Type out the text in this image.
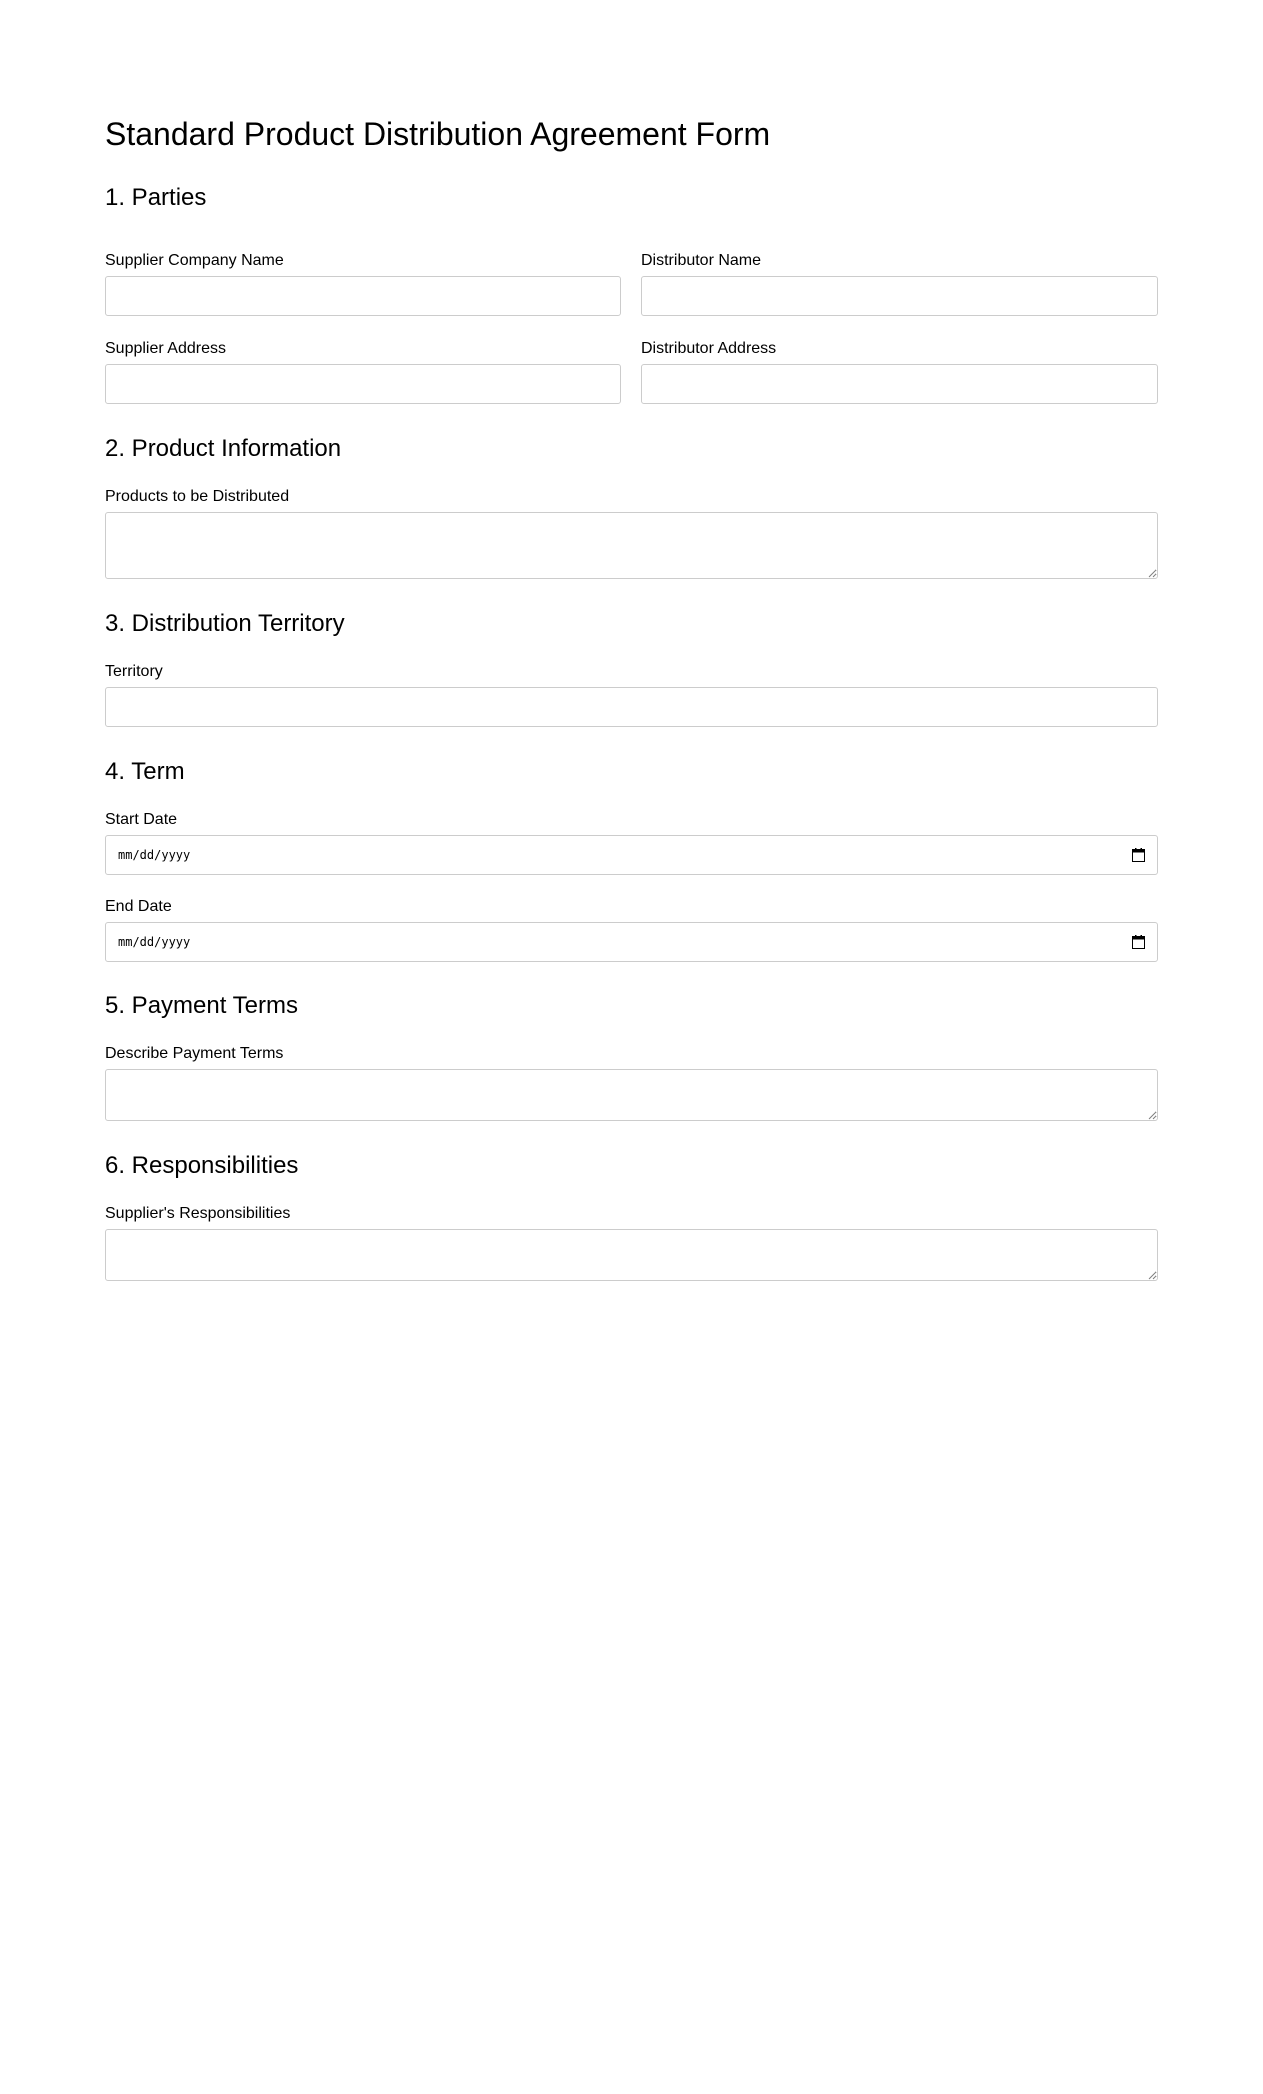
Standard Product Distribution Agreement Form
1. Parties
Supplier Company Name	Distributor Name
Supplier Address	Distributor Address
2. Product Information
Products to be Distributed
3. Distribution Territory
Territory
4. Term
Start Date
mm/dd/yyyy
End Date
mm/dd/yyyy
5. Payment Terms
Describe Payment Terms
6. Responsibilities
Supplier's Responsibilities
